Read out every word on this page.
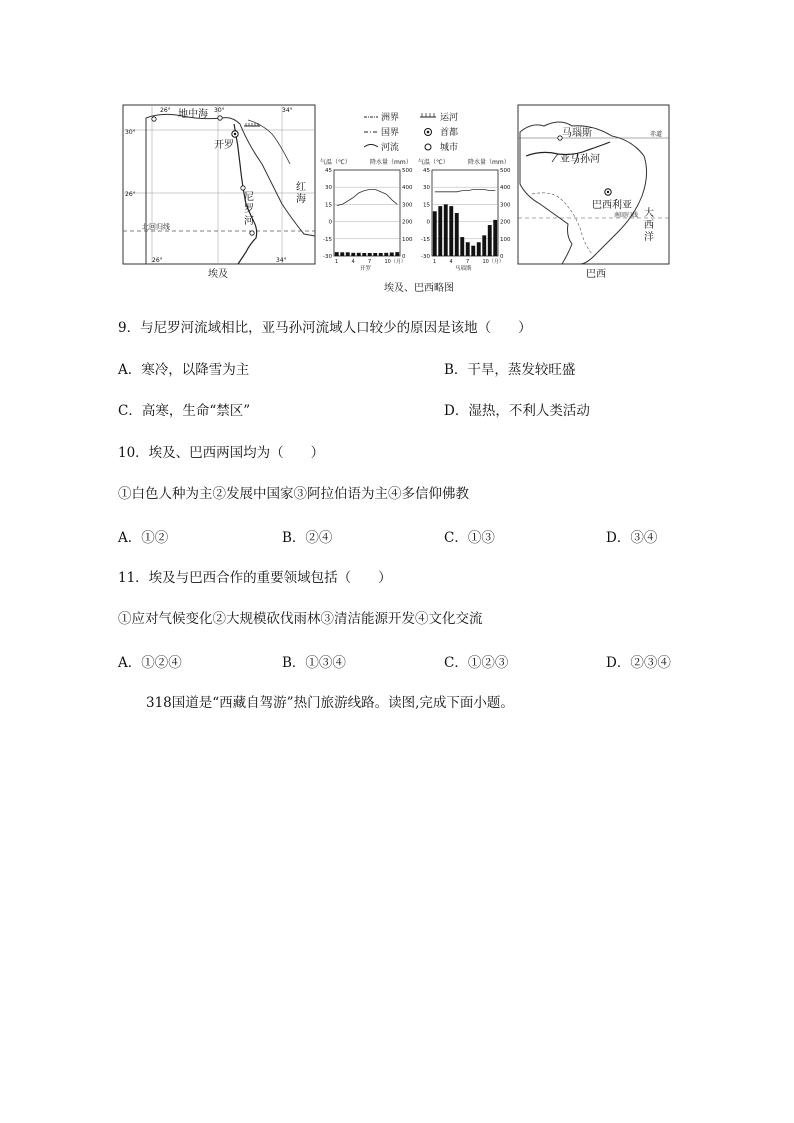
26°	30°	34°
30°
26°
26°	34°
地中海
开罗
尼
罗
河
红
海
北回归线
埃及
洲界
国界
河流
运河
首都
城市
气温（℃）	降水量（mm）
45
30
15
0
-15
-30
500
400
300
200
100
0
1	4	7	10（月）
开罗
气温（℃）	降水量（mm）
45
30
15
0
-15
-30
500
400
300
200
100
0
1	4	7	10（月）
马瑙斯
埃及、巴西略图
马瑙斯
亚马孙河
巴西利亚
大
西
洋
赤道
南回归线
巴西
9．与尼罗河流域相比，亚马孙河流域人口较少的原因是该地（　　）
A．寒冷，以降雪为主	B．干旱，蒸发较旺盛
C．高寒，生命“禁区”	D．湿热，不利人类活动
10．埃及、巴西两国均为（　　）
①白色人种为主②发展中国家③阿拉伯语为主④多信仰佛教
A．①②	B．②④	C．①③	D．③④
11．埃及与巴西合作的重要领域包括（　　）
①应对气候变化②大规模砍伐雨林③清洁能源开发④文化交流
A．①②④	B．①③④	C．①②③	D．②③④
318国道是“西藏自驾游”热门旅游线路。读图,完成下面小题。
